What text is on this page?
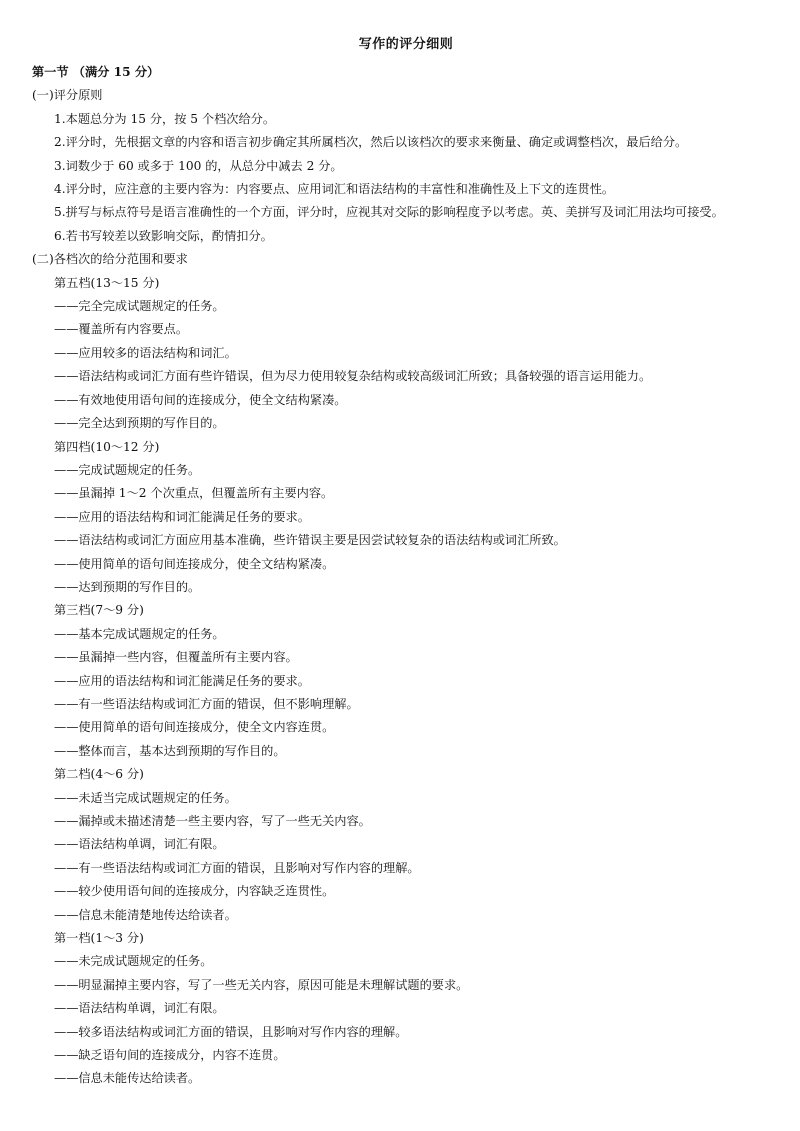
写作的评分细则
第一节 （满分 15 分）
(一)评分原则
1.本题总分为 15 分，按 5 个档次给分。
2.评分时，先根据文章的内容和语言初步确定其所属档次，然后以该档次的要求来衡量、确定或调整档次，最后给分。
3.词数少于 60 或多于 100 的，从总分中减去 2 分。
4.评分时，应注意的主要内容为：内容要点、应用词汇和语法结构的丰富性和准确性及上下文的连贯性。
5.拼写与标点符号是语言准确性的一个方面，评分时，应视其对交际的影响程度予以考虑。英、美拼写及词汇用法均可接受。
6.若书写较差以致影响交际，酌情扣分。
(二)各档次的给分范围和要求
第五档(13～15 分)
——完全完成试题规定的任务。
——覆盖所有内容要点。
——应用较多的语法结构和词汇。
——语法结构或词汇方面有些许错误，但为尽力使用较复杂结构或较高级词汇所致；具备较强的语言运用能力。
——有效地使用语句间的连接成分，使全文结构紧凑。
——完全达到预期的写作目的。
第四档(10～12 分)
——完成试题规定的任务。
——虽漏掉 1～2 个次重点，但覆盖所有主要内容。
——应用的语法结构和词汇能满足任务的要求。
——语法结构或词汇方面应用基本准确，些许错误主要是因尝试较复杂的语法结构或词汇所致。
——使用简单的语句间连接成分，使全文结构紧凑。
——达到预期的写作目的。
第三档(7～9 分)
——基本完成试题规定的任务。
——虽漏掉一些内容，但覆盖所有主要内容。
——应用的语法结构和词汇能满足任务的要求。
——有一些语法结构或词汇方面的错误，但不影响理解。
——使用简单的语句间连接成分，使全文内容连贯。
——整体而言，基本达到预期的写作目的。
第二档(4～6 分)
——未适当完成试题规定的任务。
——漏掉或未描述清楚一些主要内容，写了一些无关内容。
——语法结构单调，词汇有限。
——有一些语法结构或词汇方面的错误，且影响对写作内容的理解。
——较少使用语句间的连接成分，内容缺乏连贯性。
——信息未能清楚地传达给读者。
第一档(1～3 分)
——未完成试题规定的任务。
——明显漏掉主要内容，写了一些无关内容，原因可能是未理解试题的要求。
——语法结构单调，词汇有限。
——较多语法结构或词汇方面的错误，且影响对写作内容的理解。
——缺乏语句间的连接成分，内容不连贯。
——信息未能传达给读者。
